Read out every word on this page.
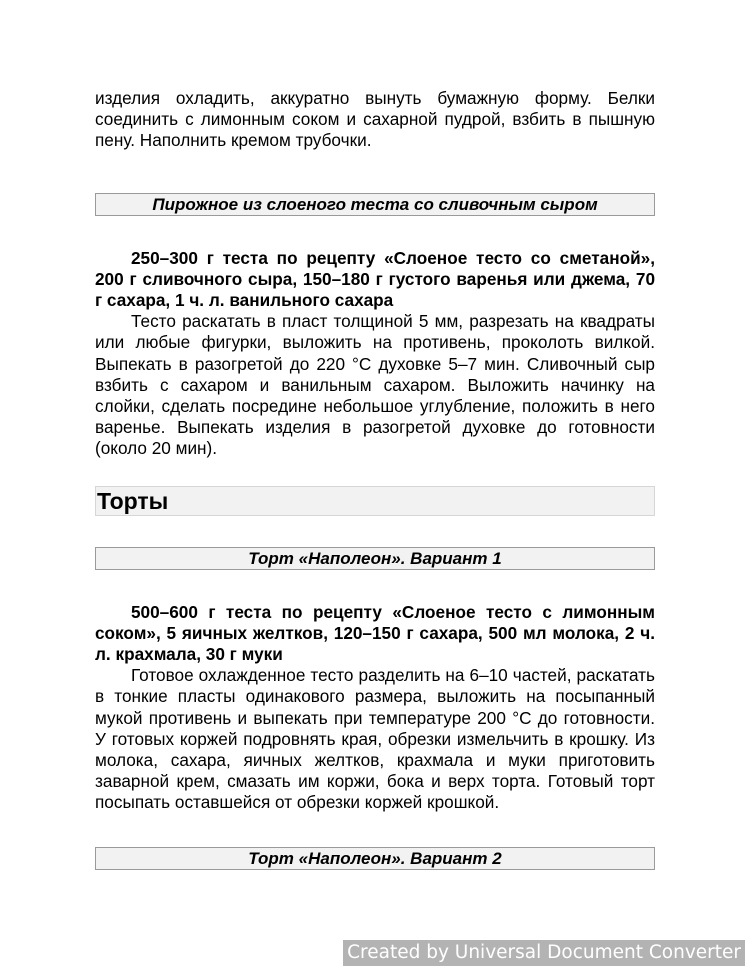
изделия охладить, аккуратно вынуть бумажную форму. Белки соединить с лимонным соком и сахарной пудрой, взбить в пышную пену. Наполнить кремом трубочки.

Пирожное из слоеного теста со сливочным сыром

250–300 г теста по рецепту «Слоеное тесто со сметаной», 200 г сливочного сыра, 150–180 г густого варенья или джема, 70 г сахара, 1 ч. л. ванильного сахара

Тесто раскатать в пласт толщиной 5 мм, разрезать на квадраты или любые фигурки, выложить на противень, проколоть вилкой. Выпекать в разогретой до 220 °С духовке 5–7 мин. Сливочный сыр взбить с сахаром и ванильным сахаром. Выложить начинку на слойки, сделать посредине небольшое углубление, положить в него варенье. Выпекать изделия в разогретой духовке до готовности (около 20 мин).

Торты
Торт «Наполеон». Вариант 1

500–600 г теста по рецепту «Слоеное тесто с лимонным соком», 5 яичных желтков, 120–150 г сахара, 500 мл молока, 2 ч. л. крахмала, 30 г муки

Готовое охлажденное тесто разделить на 6–10 частей, раскатать в тонкие пласты одинакового размера, выложить на посыпанный мукой противень и выпекать при температуре 200 °С до готовности. У готовых коржей подровнять края, обрезки измельчить в крошку. Из молока, сахара, яичных желтков, крахмала и муки приготовить заварной крем, смазать им коржи, бока и верх торта. Готовый торт посыпать оставшейся от обрезки коржей крошкой.

Торт «Наполеон». Вариант 2
Created by Universal Document Converter
